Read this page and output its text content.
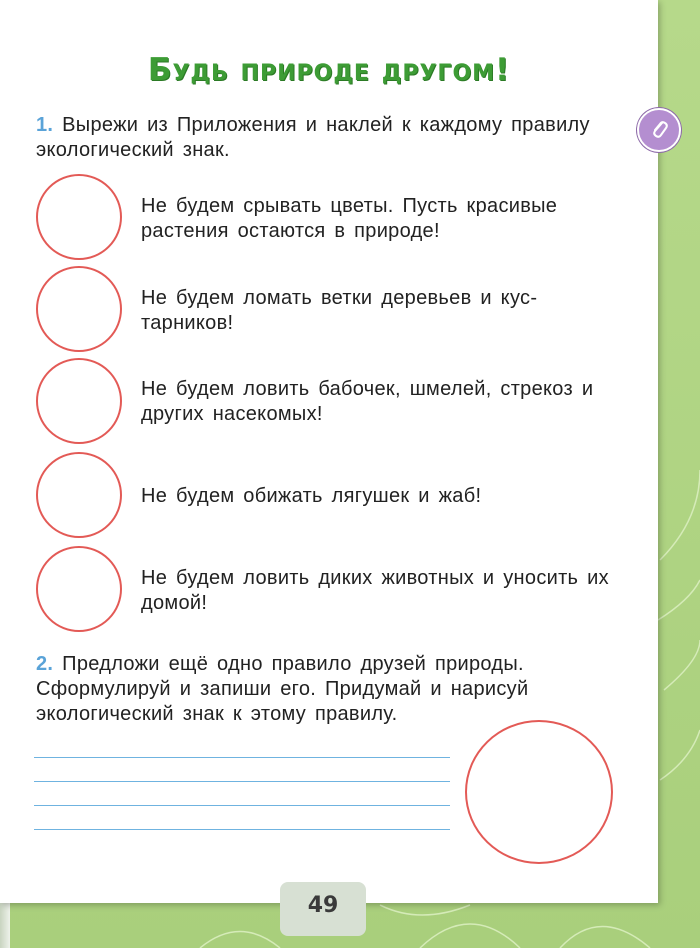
Будь природе другом!
1. Вырежи из Приложения и наклей к каждому правилу экологический знак.
Не будем срывать цветы. Пусть красивые растения остаются в природе!
Не будем ломать ветки деревьев и кустарников!
Не будем ловить бабочек, шмелей, стрекоз и других насекомых!
Не будем обижать лягушек и жаб!
Не будем ловить диких животных и уносить их домой!
2. Предложи ещё одно правило друзей природы. Сформулируй и запиши его. Придумай и нарисуй экологический знак к этому правилу.
49
